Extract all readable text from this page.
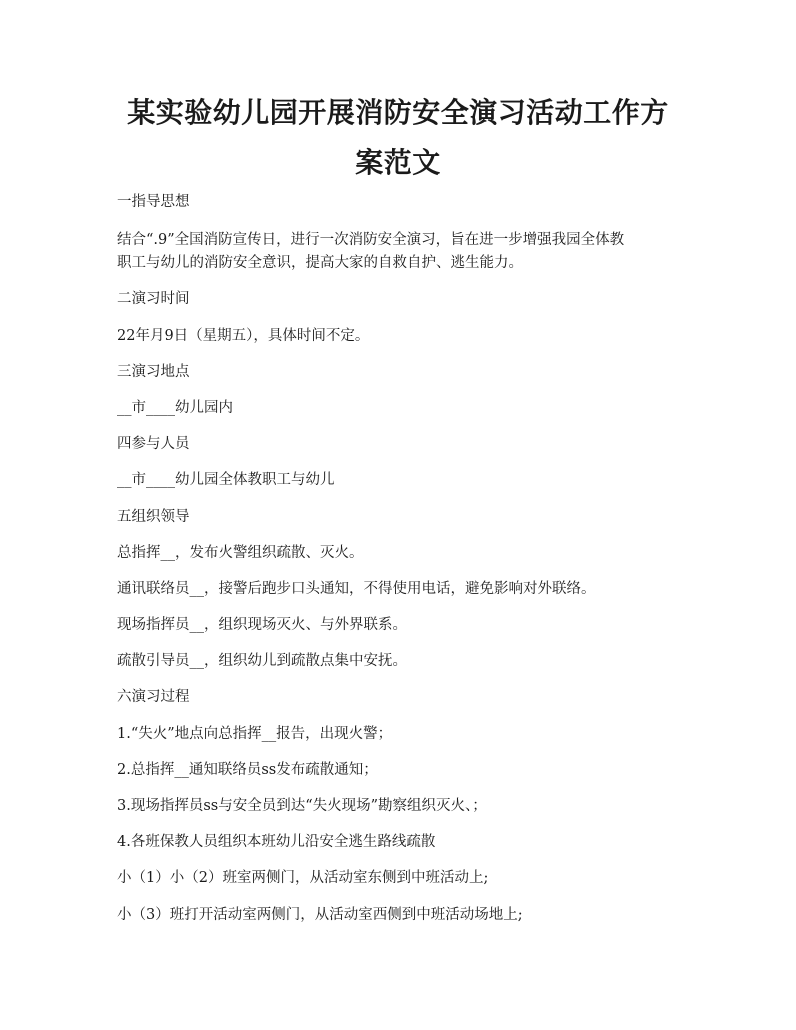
某实验幼儿园开展消防安全演习活动工作方
案范文
一指导思想
结合“.9”全国消防宣传日，进行一次消防安全演习，旨在进一步增强我园全体教
职工与幼儿的消防安全意识，提高大家的自救自护、逃生能力。
二演习时间
22年月9日（星期五），具体时间不定。
三演习地点
__市____幼儿园内
四参与人员
__市____幼儿园全体教职工与幼儿
五组织领导
总指挥__，发布火警组织疏散、灭火。
通讯联络员__，接警后跑步口头通知，不得使用电话，避免影响对外联络。
现场指挥员__，组织现场灭火、与外界联系。
疏散引导员__，组织幼儿到疏散点集中安抚。
六演习过程
1.“失火”地点向总指挥__报告，出现火警；
2.总指挥__通知联络员ss发布疏散通知；
3.现场指挥员ss与安全员到达“失火现场”勘察组织灭火、；
4.各班保教人员组织本班幼儿沿安全逃生路线疏散
小（1）小（2）班室两侧门，从活动室东侧到中班活动上;
小（3）班打开活动室两侧门，从活动室西侧到中班活动场地上;
